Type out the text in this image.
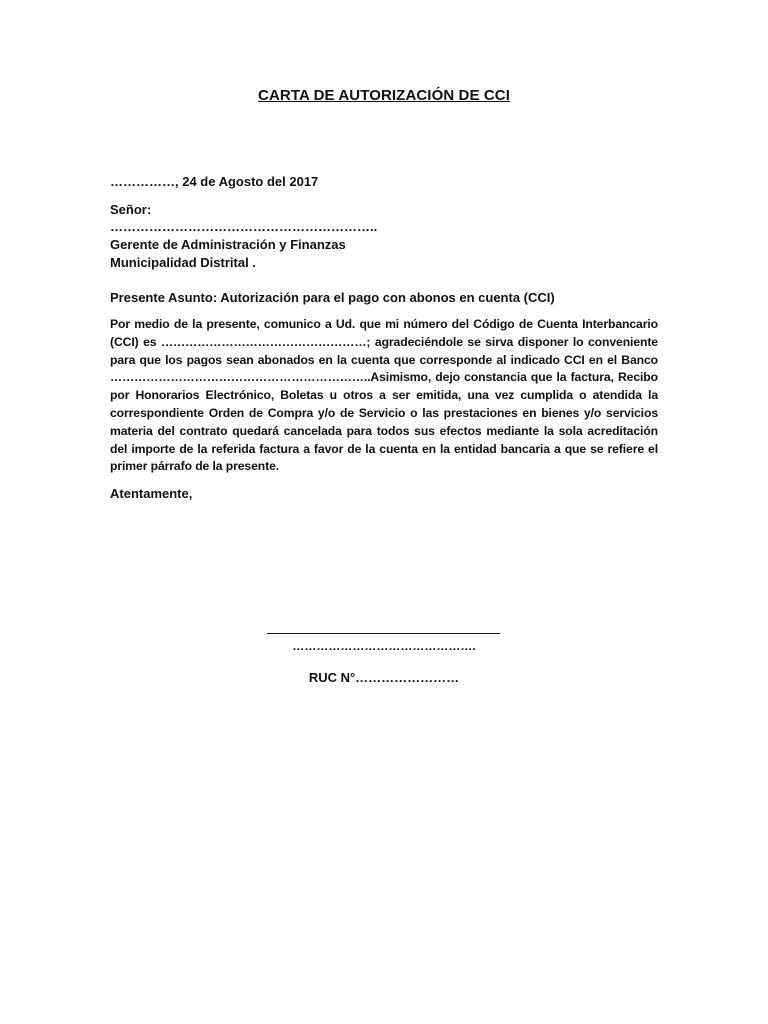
CARTA DE AUTORIZACIÓN DE CCI
……………, 24 de Agosto del 2017
Señor:
……………………………………………………..
Gerente de Administración y Finanzas
Municipalidad Distrital .
Presente Asunto: Autorización para el pago con abonos en cuenta (CCI)
Por medio de la presente, comunico a Ud. que mi número del Código de Cuenta Interbancario (CCI) es ……………………………………………; agradeciéndole se sirva disponer lo conveniente para que los pagos sean abonados en la cuenta que corresponde al indicado CCI en el Banco ………………………………………………………..Asimismo, dejo constancia que la factura, Recibo por Honorarios Electrónico, Boletas u otros a ser emitida, una vez cumplida o atendida la correspondiente Orden de Compra y/o de Servicio o las prestaciones en bienes y/o servicios materia del contrato quedará cancelada para todos sus efectos mediante la sola acreditación del importe de la referida factura a favor de la cuenta en la entidad bancaria a que se refiere el primer párrafo de la presente.
Atentamente,
……………………………………….
RUC N°……………………
